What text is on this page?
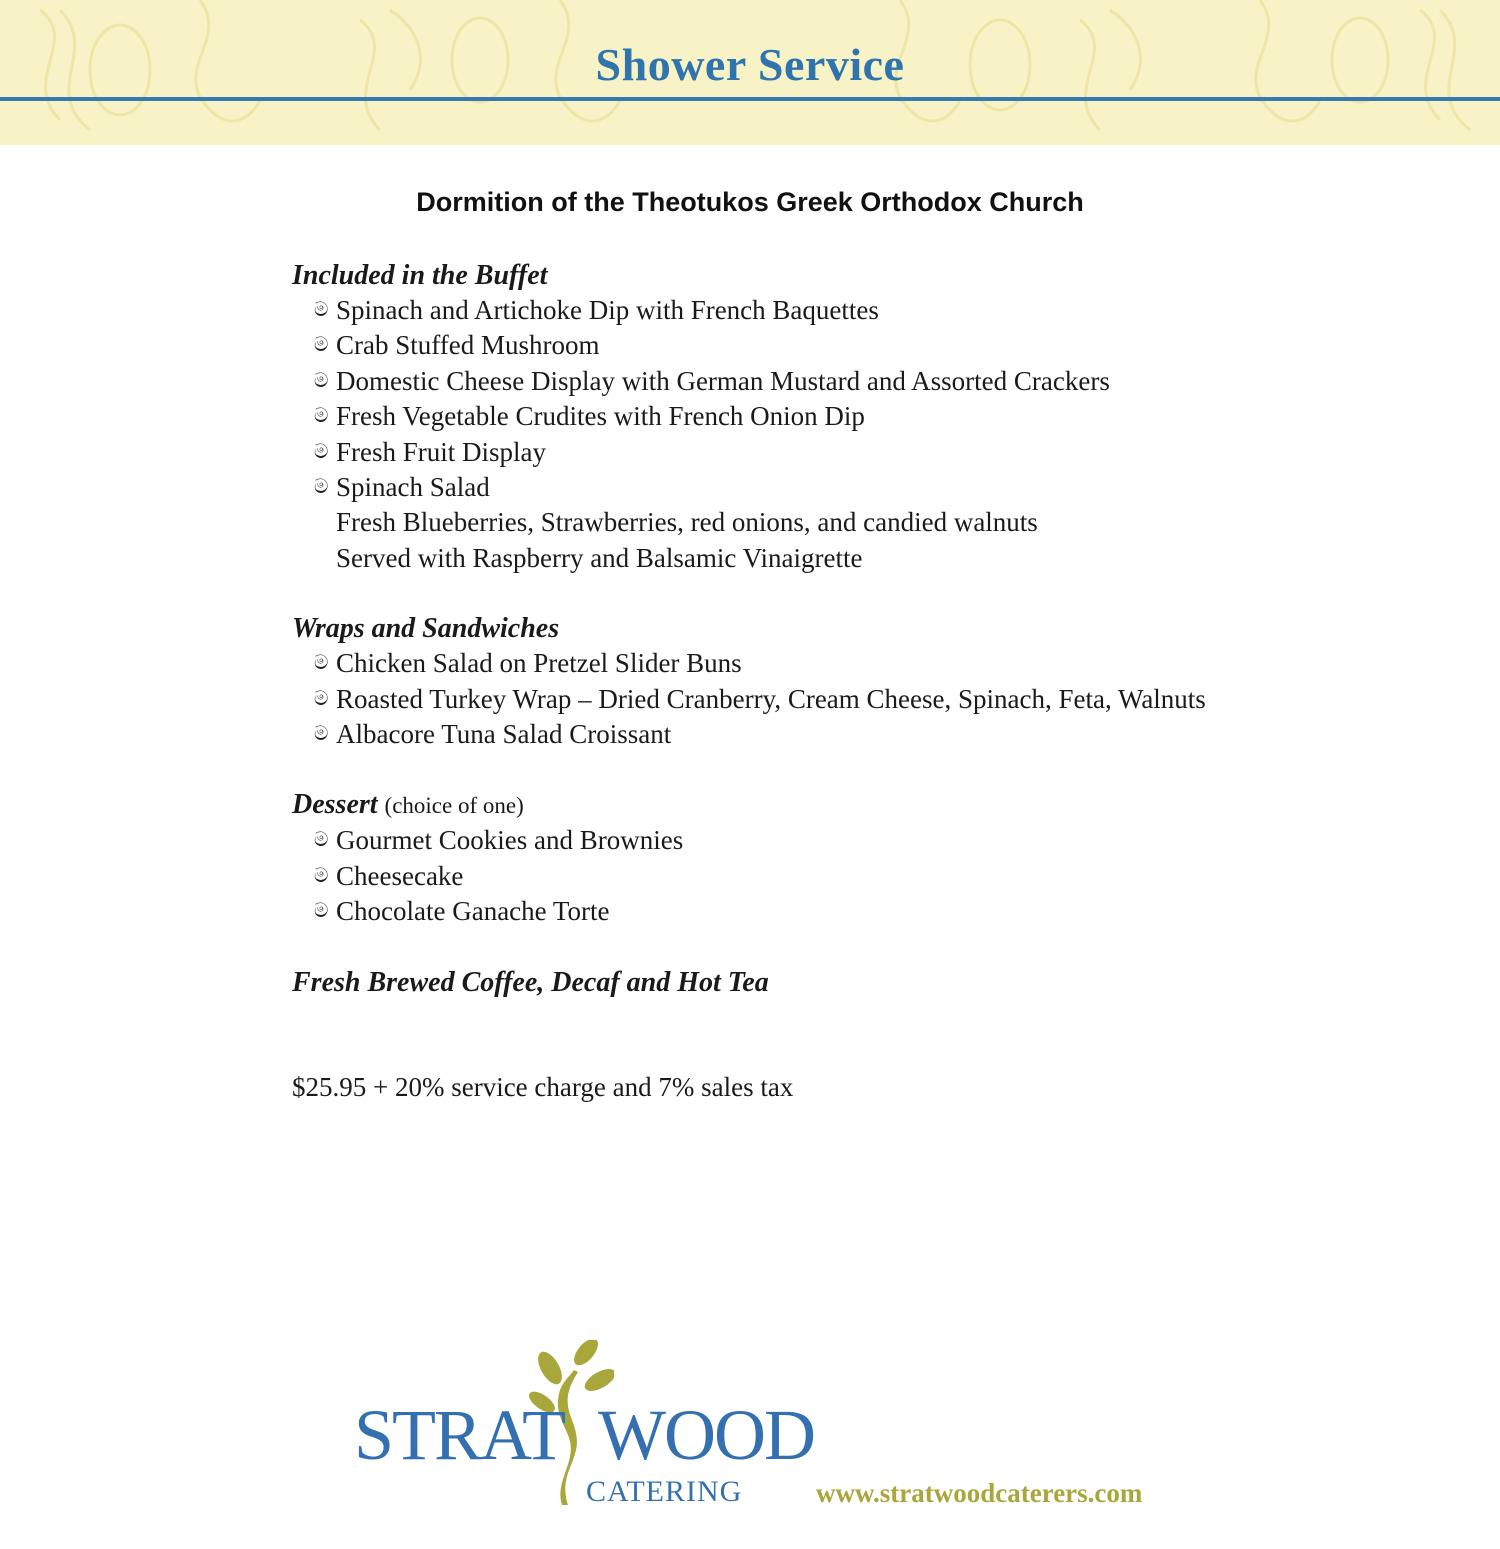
Shower Service
Dormition of the Theotukos Greek Orthodox Church

Included in the Buffet

ම Spinach and Artichoke Dip with French Baquettes
ම Crab Stuffed Mushroom
ම Domestic Cheese Display with German Mustard and Assorted Crackers
ම Fresh Vegetable Crudites with French Onion Dip
ම Fresh Fruit Display
ම Spinach Salad

Fresh Blueberries, Strawberries, red onions, and candied walnuts

Served with Raspberry and Balsamic Vinaigrette

Wraps and Sandwiches

ම Chicken Salad on Pretzel Slider Buns
ම Roasted Turkey Wrap – Dried Cranberry, Cream Cheese, Spinach, Feta, Walnuts
ම Albacore Tuna Salad Croissant

Dessert (choice of one)

ම Gourmet Cookies and Brownies
ම Cheesecake
ම Chocolate Ganache Torte

Fresh Brewed Coffee, Decaf and Hot Tea

$25.95 + 20% service charge and 7% sales tax

STRAT WOOD
CATERING	www.stratwoodcaterers.com
